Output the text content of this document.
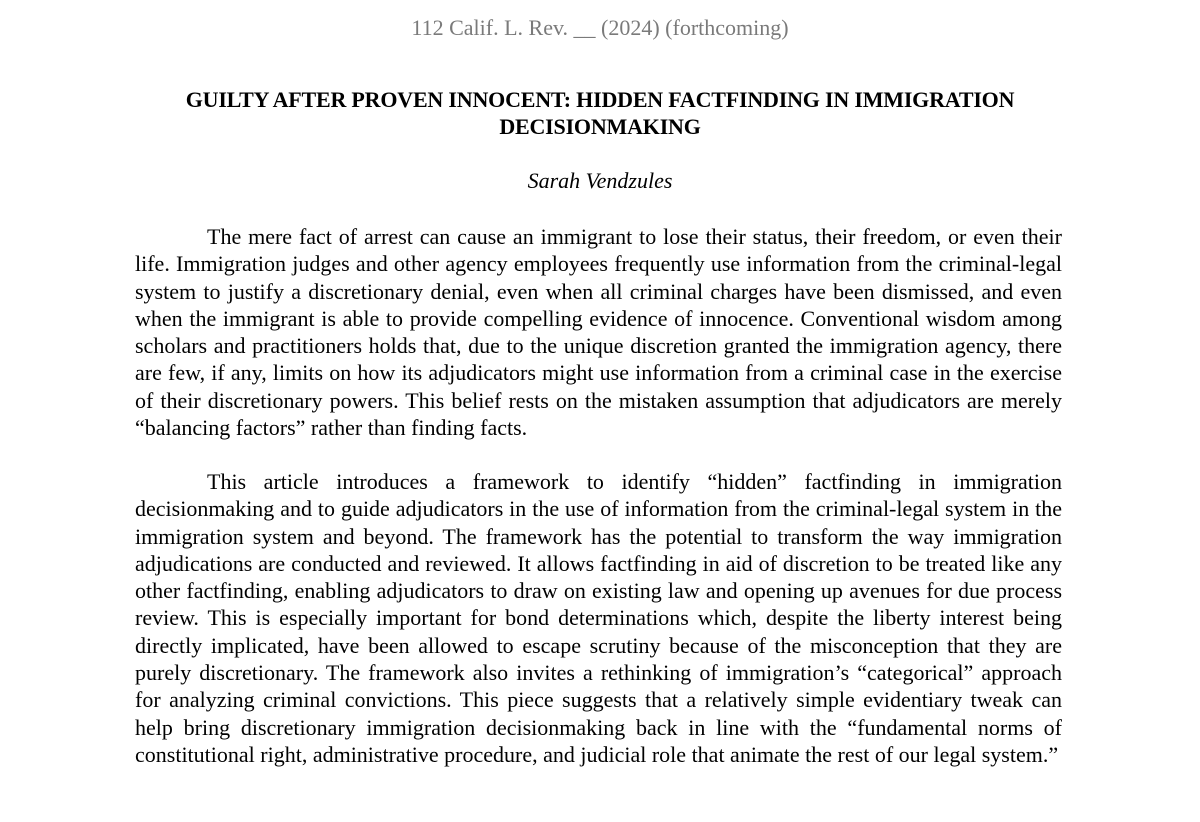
112 Calif. L. Rev. __ (2024) (forthcoming)
GUILTY AFTER PROVEN INNOCENT: HIDDEN FACTFINDING IN IMMIGRATION DECISIONMAKING
Sarah Vendzules

The mere fact of arrest can cause an immigrant to lose their status, their freedom, or even their life. Immigration judges and other agency employees frequently use information from the criminal-legal system to justify a discretionary denial, even when all criminal charges have been dismissed, and even when the immigrant is able to provide compelling evidence of innocence. Conventional wisdom among scholars and practitioners holds that, due to the unique discretion granted the immigration agency, there are few, if any, limits on how its adjudicators might use information from a criminal case in the exercise of their discretionary powers. This belief rests on the mistaken assumption that adjudicators are merely “balancing factors” rather than finding facts.

This article introduces a framework to identify “hidden” factfinding in immigration decisionmaking and to guide adjudicators in the use of information from the criminal-legal system in the immigration system and beyond. The framework has the potential to transform the way immigration adjudications are conducted and reviewed. It allows factfinding in aid of discretion to be treated like any other factfinding, enabling adjudicators to draw on existing law and opening up avenues for due process review. This is especially important for bond determinations which, despite the liberty interest being directly implicated, have been allowed to escape scrutiny because of the misconception that they are purely discretionary. The framework also invites a rethinking of immigration’s “categorical” approach for analyzing criminal convictions. This piece suggests that a relatively simple evidentiary tweak can help bring discretionary immigration decisionmaking back in line with the “fundamental norms of constitutional right, administrative procedure, and judicial role that animate the rest of our legal system.”
